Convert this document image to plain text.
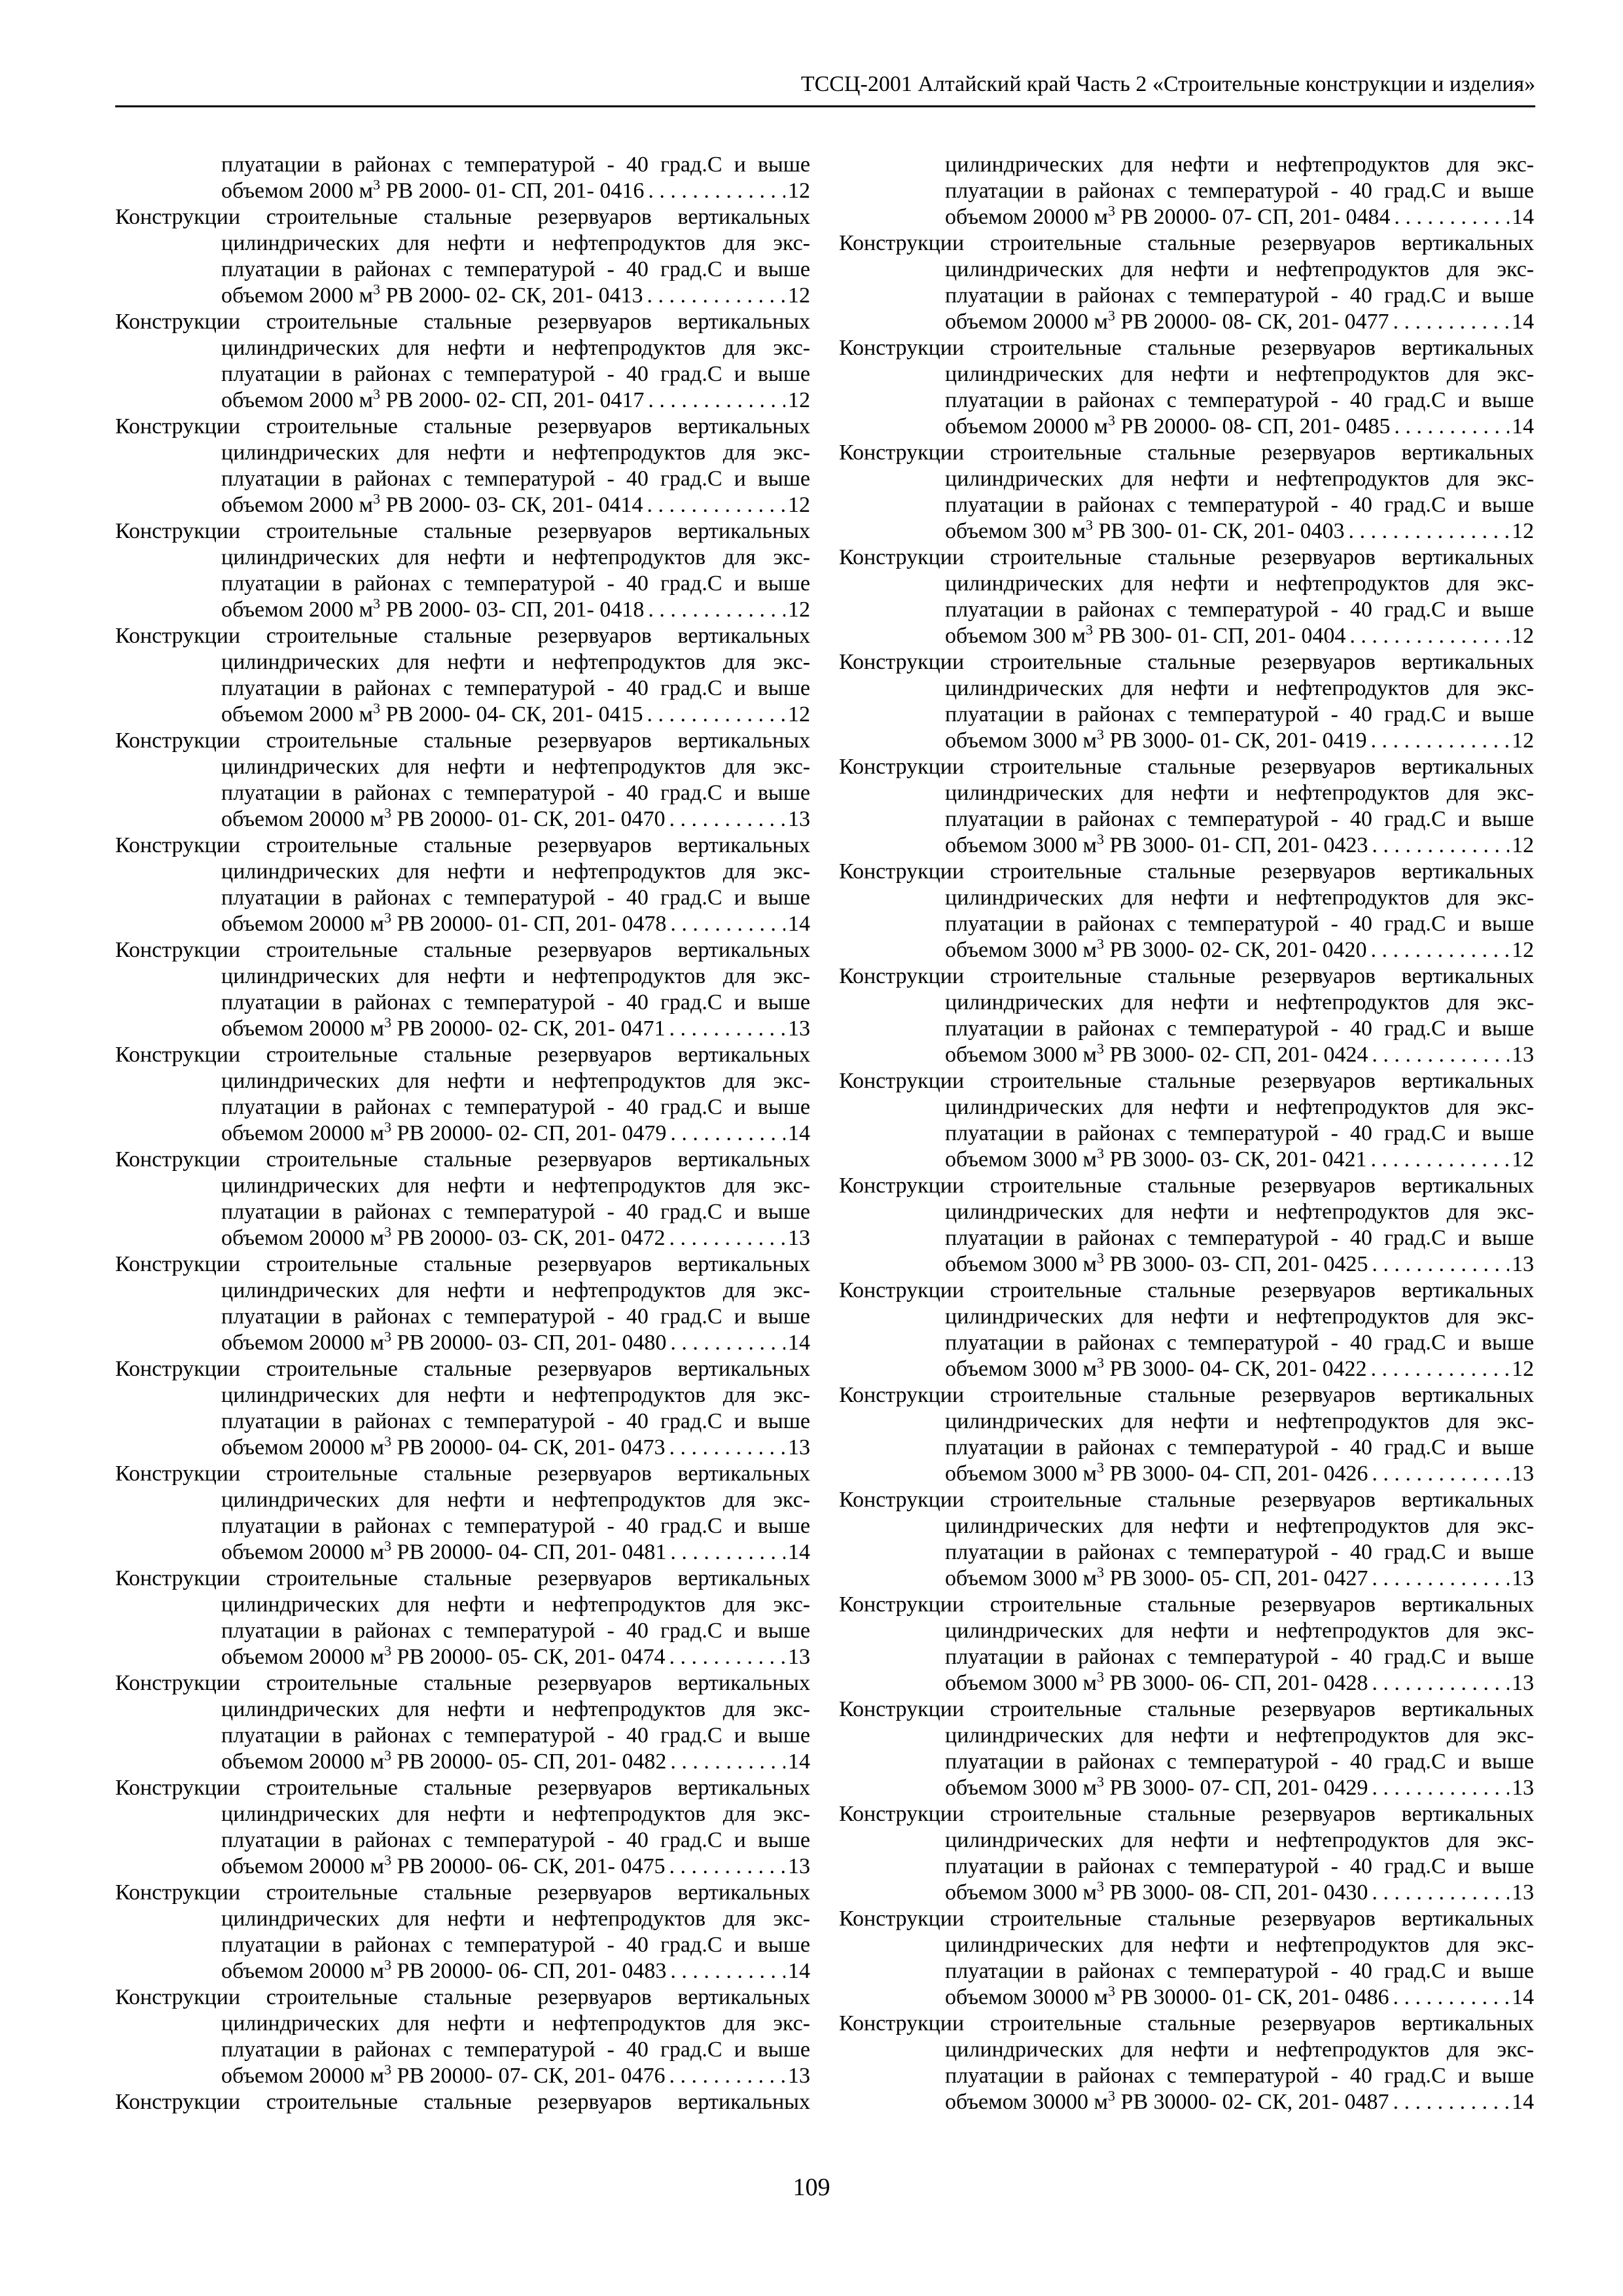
ТССЦ-2001 Алтайский край Часть 2 «Строительные конструкции и изделия»
плуатации в районах с температурой - 40 град.С и выше
объемом 2000 $м^3$ РВ 2000- 01- СП, 201- 0416 . . .	12
Конструкции строительные стальные резервуаров вертикальных
цилиндрических для нефти и нефтепродуктов для экс-
плуатации в районах с температурой - 40 град.С и выше
объемом 2000 $м^3$ РВ 2000- 02- СК, 201- 0413 . . .	12
Конструкции строительные стальные резервуаров вертикальных
цилиндрических для нефти и нефтепродуктов для экс-
плуатации в районах с температурой - 40 град.С и выше
объемом 2000 $м^3$ РВ 2000- 02- СП, 201- 0417 . . .	12
Конструкции строительные стальные резервуаров вертикальных
цилиндрических для нефти и нефтепродуктов для экс-
плуатации в районах с температурой - 40 град.С и выше
объемом 2000 $м^3$ РВ 2000- 03- СК, 201- 0414 . . .	12
Конструкции строительные стальные резервуаров вертикальных
цилиндрических для нефти и нефтепродуктов для экс-
плуатации в районах с температурой - 40 град.С и выше
объемом 2000 $м^3$ РВ 2000- 03- СП, 201- 0418 . . .	12
Конструкции строительные стальные резервуаров вертикальных
цилиндрических для нефти и нефтепродуктов для экс-
плуатации в районах с температурой - 40 град.С и выше
объемом 2000 $м^3$ РВ 2000- 04- СК, 201- 0415 . . .	12
Конструкции строительные стальные резервуаров вертикальных
цилиндрических для нефти и нефтепродуктов для экс-
плуатации в районах с температурой - 40 град.С и выше
объемом 20000 $м^3$ РВ 20000- 01- СК, 201- 0470 . . .	13
Конструкции строительные стальные резервуаров вертикальных
цилиндрических для нефти и нефтепродуктов для экс-
плуатации в районах с температурой - 40 град.С и выше
объемом 20000 $м^3$ РВ 20000- 01- СП, 201- 0478 . . .	14
Конструкции строительные стальные резервуаров вертикальных
цилиндрических для нефти и нефтепродуктов для экс-
плуатации в районах с температурой - 40 град.С и выше
объемом 20000 $м^3$ РВ 20000- 02- СК, 201- 0471 . . .	13
Конструкции строительные стальные резервуаров вертикальных
цилиндрических для нефти и нефтепродуктов для экс-
плуатации в районах с температурой - 40 град.С и выше
объемом 20000 $м^3$ РВ 20000- 02- СП, 201- 0479 . . .	14
Конструкции строительные стальные резервуаров вертикальных
цилиндрических для нефти и нефтепродуктов для экс-
плуатации в районах с температурой - 40 град.С и выше
объемом 20000 $м^3$ РВ 20000- 03- СК, 201- 0472 . . .	13
Конструкции строительные стальные резервуаров вертикальных
цилиндрических для нефти и нефтепродуктов для экс-
плуатации в районах с температурой - 40 град.С и выше
объемом 20000 $м^3$ РВ 20000- 03- СП, 201- 0480 . . .	14
Конструкции строительные стальные резервуаров вертикальных
цилиндрических для нефти и нефтепродуктов для экс-
плуатации в районах с температурой - 40 град.С и выше
объемом 20000 $м^3$ РВ 20000- 04- СК, 201- 0473 . . .	13
Конструкции строительные стальные резервуаров вертикальных
цилиндрических для нефти и нефтепродуктов для экс-
плуатации в районах с температурой - 40 град.С и выше
объемом 20000 $м^3$ РВ 20000- 04- СП, 201- 0481 . . .	14
Конструкции строительные стальные резервуаров вертикальных
цилиндрических для нефти и нефтепродуктов для экс-
плуатации в районах с температурой - 40 град.С и выше
объемом 20000 $м^3$ РВ 20000- 05- СК, 201- 0474 . . .	13
Конструкции строительные стальные резервуаров вертикальных
цилиндрических для нефти и нефтепродуктов для экс-
плуатации в районах с температурой - 40 град.С и выше
объемом 20000 $м^3$ РВ 20000- 05- СП, 201- 0482 . . .	14
Конструкции строительные стальные резервуаров вертикальных
цилиндрических для нефти и нефтепродуктов для экс-
плуатации в районах с температурой - 40 град.С и выше
объемом 20000 $м^3$ РВ 20000- 06- СК, 201- 0475 . . .	13
Конструкции строительные стальные резервуаров вертикальных
цилиндрических для нефти и нефтепродуктов для экс-
плуатации в районах с температурой - 40 град.С и выше
объемом 20000 $м^3$ РВ 20000- 06- СП, 201- 0483 . . .	14
Конструкции строительные стальные резервуаров вертикальных
цилиндрических для нефти и нефтепродуктов для экс-
плуатации в районах с температурой - 40 град.С и выше
объемом 20000 $м^3$ РВ 20000- 07- СК, 201- 0476 . . .	13
Конструкции строительные стальные резервуаров вертикальных
цилиндрических для нефти и нефтепродуктов для экс-
плуатации в районах с температурой - 40 град.С и выше
объемом 20000 $м^3$ РВ 20000- 07- СП, 201- 0484 . . .	14
Конструкции строительные стальные резервуаров вертикальных
цилиндрических для нефти и нефтепродуктов для экс-
плуатации в районах с температурой - 40 град.С и выше
объемом 20000 $м^3$ РВ 20000- 08- СК, 201- 0477 . . .	14
Конструкции строительные стальные резервуаров вертикальных
цилиндрических для нефти и нефтепродуктов для экс-
плуатации в районах с температурой - 40 град.С и выше
объемом 20000 $м^3$ РВ 20000- 08- СП, 201- 0485 . . .	14
Конструкции строительные стальные резервуаров вертикальных
цилиндрических для нефти и нефтепродуктов для экс-
плуатации в районах с температурой - 40 град.С и выше
объемом 300 $м^3$ РВ 300- 01- СК, 201- 0403 . . .	12
Конструкции строительные стальные резервуаров вертикальных
цилиндрических для нефти и нефтепродуктов для экс-
плуатации в районах с температурой - 40 град.С и выше
объемом 300 $м^3$ РВ 300- 01- СП, 201- 0404 . . .	12
Конструкции строительные стальные резервуаров вертикальных
цилиндрических для нефти и нефтепродуктов для экс-
плуатации в районах с температурой - 40 град.С и выше
объемом 3000 $м^3$ РВ 3000- 01- СК, 201- 0419 . . .	12
Конструкции строительные стальные резервуаров вертикальных
цилиндрических для нефти и нефтепродуктов для экс-
плуатации в районах с температурой - 40 град.С и выше
объемом 3000 $м^3$ РВ 3000- 01- СП, 201- 0423 . . .	12
Конструкции строительные стальные резервуаров вертикальных
цилиндрических для нефти и нефтепродуктов для экс-
плуатации в районах с температурой - 40 град.С и выше
объемом 3000 $м^3$ РВ 3000- 02- СК, 201- 0420 . . .	12
Конструкции строительные стальные резервуаров вертикальных
цилиндрических для нефти и нефтепродуктов для экс-
плуатации в районах с температурой - 40 град.С и выше
объемом 3000 $м^3$ РВ 3000- 02- СП, 201- 0424 . . .	13
Конструкции строительные стальные резервуаров вертикальных
цилиндрических для нефти и нефтепродуктов для экс-
плуатации в районах с температурой - 40 град.С и выше
объемом 3000 $м^3$ РВ 3000- 03- СК, 201- 0421 . . .	12
Конструкции строительные стальные резервуаров вертикальных
цилиндрических для нефти и нефтепродуктов для экс-
плуатации в районах с температурой - 40 град.С и выше
объемом 3000 $м^3$ РВ 3000- 03- СП, 201- 0425 . . .	13
Конструкции строительные стальные резервуаров вертикальных
цилиндрических для нефти и нефтепродуктов для экс-
плуатации в районах с температурой - 40 град.С и выше
объемом 3000 $м^3$ РВ 3000- 04- СК, 201- 0422 . . .	12
Конструкции строительные стальные резервуаров вертикальных
цилиндрических для нефти и нефтепродуктов для экс-
плуатации в районах с температурой - 40 град.С и выше
объемом 3000 $м^3$ РВ 3000- 04- СП, 201- 0426 . . .	13
Конструкции строительные стальные резервуаров вертикальных
цилиндрических для нефти и нефтепродуктов для экс-
плуатации в районах с температурой - 40 град.С и выше
объемом 3000 $м^3$ РВ 3000- 05- СП, 201- 0427 . . .	13
Конструкции строительные стальные резервуаров вертикальных
цилиндрических для нефти и нефтепродуктов для экс-
плуатации в районах с температурой - 40 град.С и выше
объемом 3000 $м^3$ РВ 3000- 06- СП, 201- 0428 . . .	13
Конструкции строительные стальные резервуаров вертикальных
цилиндрических для нефти и нефтепродуктов для экс-
плуатации в районах с температурой - 40 град.С и выше
объемом 3000 $м^3$ РВ 3000- 07- СП, 201- 0429 . . .	13
Конструкции строительные стальные резервуаров вертикальных
цилиндрических для нефти и нефтепродуктов для экс-
плуатации в районах с температурой - 40 град.С и выше
объемом 3000 $м^3$ РВ 3000- 08- СП, 201- 0430 . . .	13
Конструкции строительные стальные резервуаров вертикальных
цилиндрических для нефти и нефтепродуктов для экс-
плуатации в районах с температурой - 40 град.С и выше
объемом 30000 $м^3$ РВ 30000- 01- СК, 201- 0486 . . .	14
Конструкции строительные стальные резервуаров вертикальных
цилиндрических для нефти и нефтепродуктов для экс-
плуатации в районах с температурой - 40 град.С и выше
объемом 30000 $м^3$ РВ 30000- 02- СК, 201- 0487 . . .	14
109
